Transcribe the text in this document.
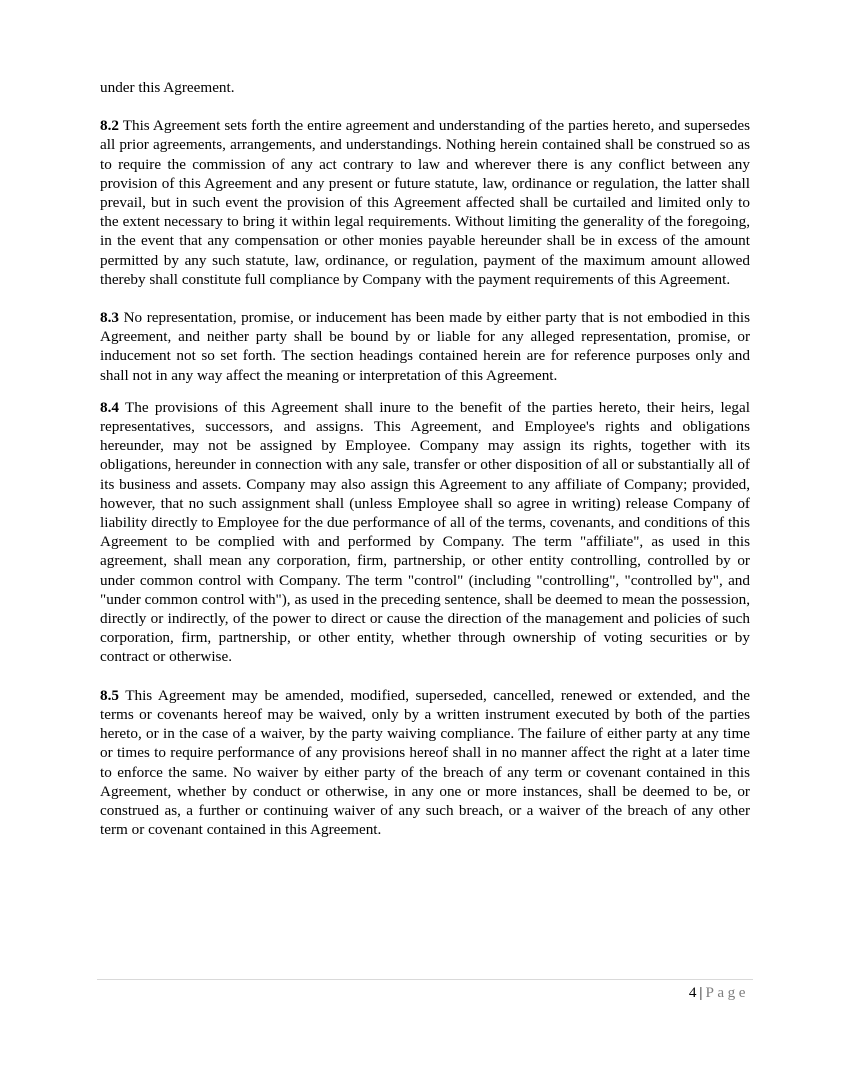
under this Agreement.

8.2 This Agreement sets forth the entire agreement and understanding of the parties hereto, and supersedes all prior agreements, arrangements, and understandings. Nothing herein contained shall be construed so as to require the commission of any act contrary to law and wherever there is any conflict between any provision of this Agreement and any present or future statute, law, ordinance or regulation, the latter shall prevail, but in such event the provision of this Agreement affected shall be curtailed and limited only to the extent necessary to bring it within legal requirements. Without limiting the generality of the foregoing, in the event that any compensation or other monies payable hereunder shall be in excess of the amount permitted by any such statute, law, ordinance, or regulation, payment of the maximum amount allowed thereby shall constitute full compliance by Company with the payment requirements of this Agreement.

8.3 No representation, promise, or inducement has been made by either party that is not embodied in this Agreement, and neither party shall be bound by or liable for any alleged representation, promise, or inducement not so set forth. The section headings contained herein are for reference purposes only and shall not in any way affect the meaning or interpretation of this Agreement.

8.4 The provisions of this Agreement shall inure to the benefit of the parties hereto, their heirs, legal representatives, successors, and assigns. This Agreement, and Employee's rights and obligations hereunder, may not be assigned by Employee. Company may assign its rights, together with its obligations, hereunder in connection with any sale, transfer or other disposition of all or substantially all of its business and assets. Company may also assign this Agreement to any affiliate of Company; provided, however, that no such assignment shall (unless Employee shall so agree in writing) release Company of liability directly to Employee for the due performance of all of the terms, covenants, and conditions of this Agreement to be complied with and performed by Company. The term "affiliate", as used in this agreement, shall mean any corporation, firm, partnership, or other entity controlling, controlled by or under common control with Company. The term "control" (including "controlling", "controlled by", and "under common control with"), as used in the preceding sentence, shall be deemed to mean the possession, directly or indirectly, of the power to direct or cause the direction of the management and policies of such corporation, firm, partnership, or other entity, whether through ownership of voting securities or by contract or otherwise.

8.5 This Agreement may be amended, modified, superseded, cancelled, renewed or extended, and the terms or covenants hereof may be waived, only by a written instrument executed by both of the parties hereto, or in the case of a waiver, by the party waiving compliance. The failure of either party at any time or times to require performance of any provisions hereof shall in no manner affect the right at a later time to enforce the same. No waiver by either party of the breach of any term or covenant contained in this Agreement, whether by conduct or otherwise, in any one or more instances, shall be deemed to be, or construed as, a further or continuing waiver of any such breach, or a waiver of the breach of any other term or covenant contained in this Agreement.

4 | Page
